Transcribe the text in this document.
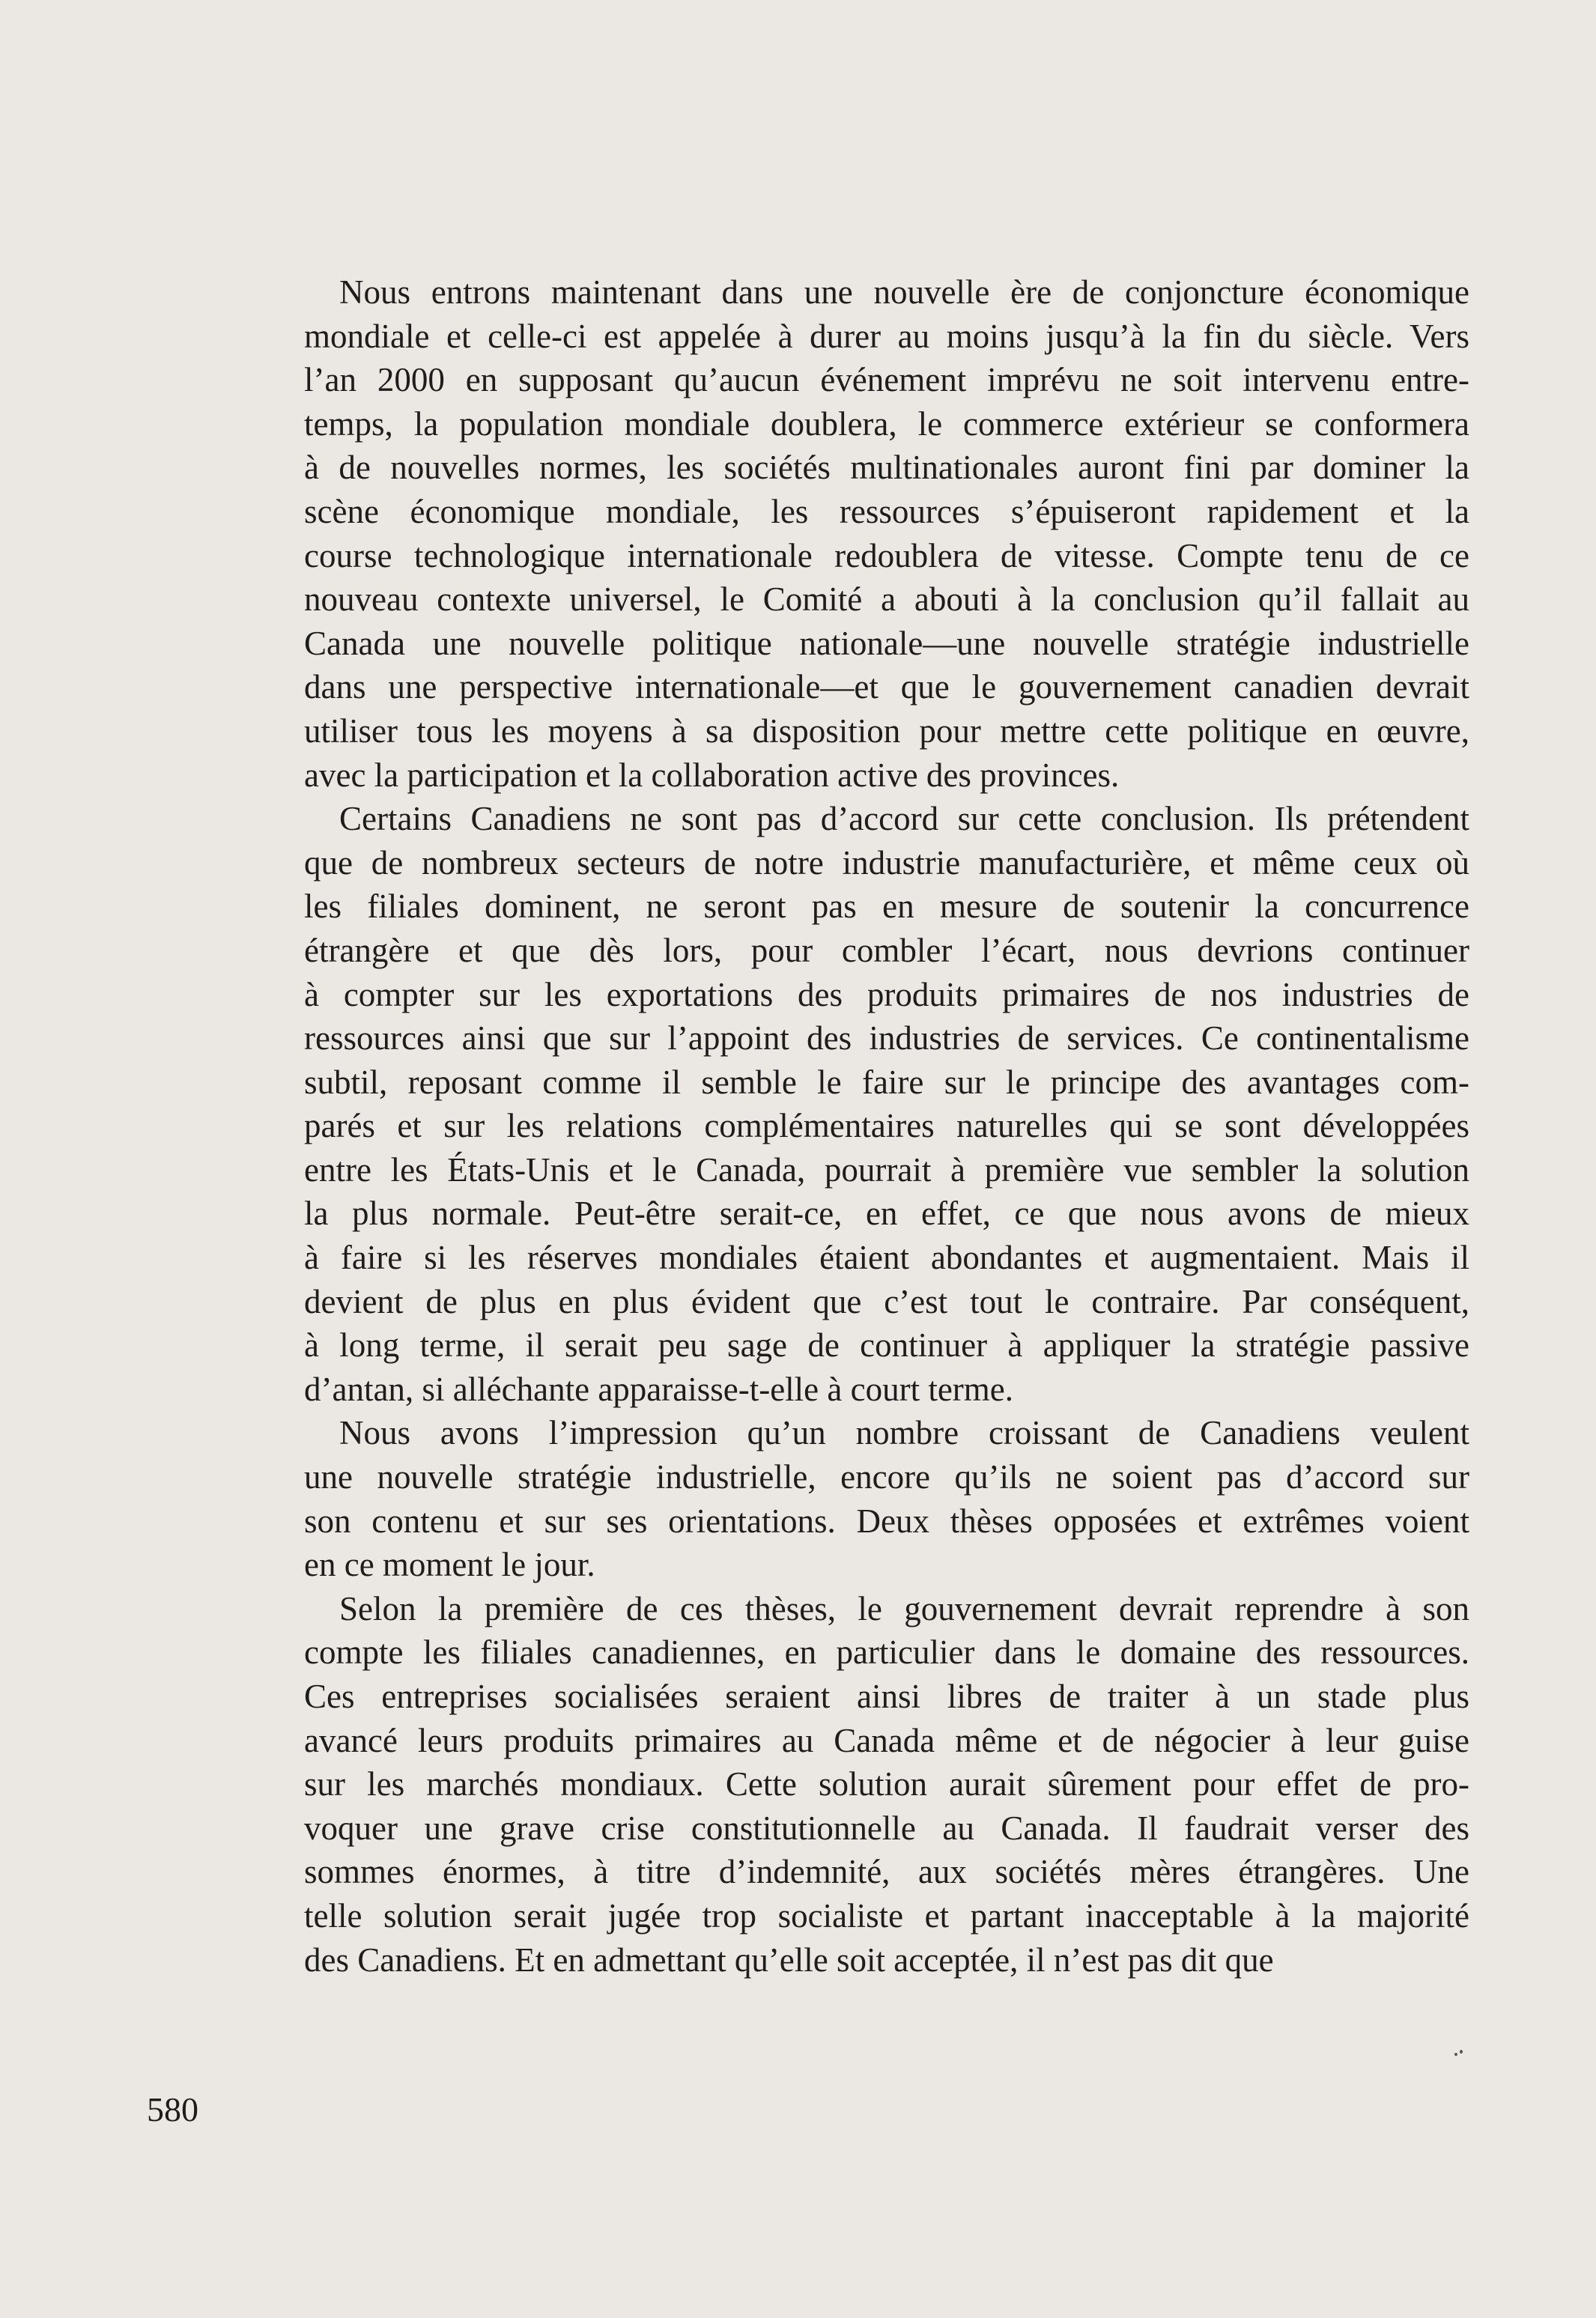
Nous entrons maintenant dans une nouvelle ère de conjoncture économique
mondiale et celle-ci est appelée à durer au moins jusqu’à la fin du siècle. Vers
l’an 2000 en supposant qu’aucun événement imprévu ne soit intervenu entre-
temps, la population mondiale doublera, le commerce extérieur se conformera
à de nouvelles normes, les sociétés multinationales auront fini par dominer la
scène économique mondiale, les ressources s’épuiseront rapidement et la
course technologique internationale redoublera de vitesse. Compte tenu de ce
nouveau contexte universel, le Comité a abouti à la conclusion qu’il fallait au
Canada une nouvelle politique nationale—une nouvelle stratégie industrielle
dans une perspective internationale—et que le gouvernement canadien devrait
utiliser tous les moyens à sa disposition pour mettre cette politique en œuvre,
avec la participation et la collaboration active des provinces.

Certains Canadiens ne sont pas d’accord sur cette conclusion. Ils prétendent
que de nombreux secteurs de notre industrie manufacturière, et même ceux où
les filiales dominent, ne seront pas en mesure de soutenir la concurrence
étrangère et que dès lors, pour combler l’écart, nous devrions continuer
à compter sur les exportations des produits primaires de nos industries de
ressources ainsi que sur l’appoint des industries de services. Ce continentalisme
subtil, reposant comme il semble le faire sur le principe des avantages com-
parés et sur les relations complémentaires naturelles qui se sont développées
entre les États-Unis et le Canada, pourrait à première vue sembler la solution
la plus normale. Peut-être serait-ce, en effet, ce que nous avons de mieux
à faire si les réserves mondiales étaient abondantes et augmentaient. Mais il
devient de plus en plus évident que c’est tout le contraire. Par conséquent,
à long terme, il serait peu sage de continuer à appliquer la stratégie passive
d’antan, si alléchante apparaisse-t-elle à court terme.

Nous avons l’impression qu’un nombre croissant de Canadiens veulent
une nouvelle stratégie industrielle, encore qu’ils ne soient pas d’accord sur
son contenu et sur ses orientations. Deux thèses opposées et extrêmes voient
en ce moment le jour.

Selon la première de ces thèses, le gouvernement devrait reprendre à son
compte les filiales canadiennes, en particulier dans le domaine des ressources.
Ces entreprises socialisées seraient ainsi libres de traiter à un stade plus
avancé leurs produits primaires au Canada même et de négocier à leur guise
sur les marchés mondiaux. Cette solution aurait sûrement pour effet de pro-
voquer une grave crise constitutionnelle au Canada. Il faudrait verser des
sommes énormes, à titre d’indemnité, aux sociétés mères étrangères. Une
telle solution serait jugée trop socialiste et partant inacceptable à la majorité
des Canadiens. Et en admettant qu’elle soit acceptée, il n’est pas dit que

580
